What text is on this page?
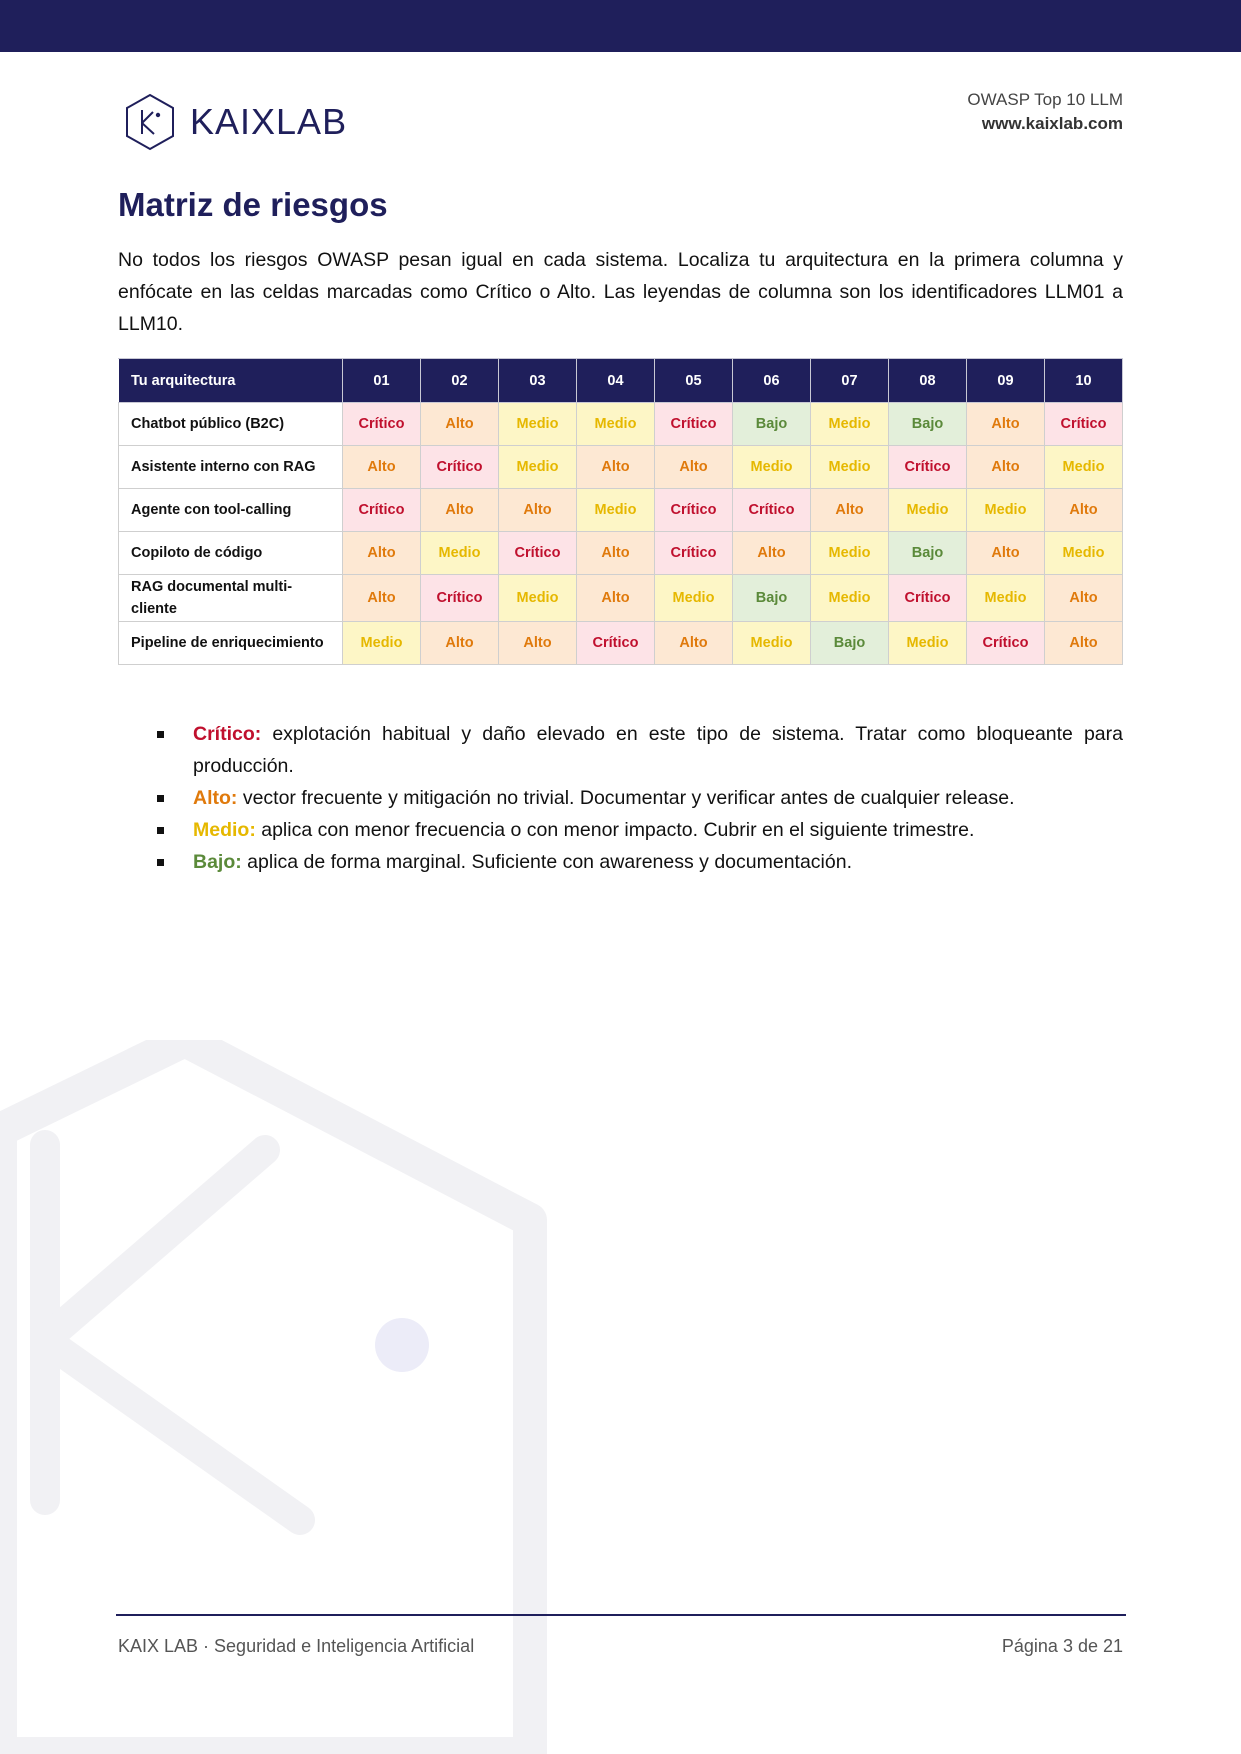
KAIXLAB
OWASP Top 10 LLM
www.kaixlab.com
Matriz de riesgos

No todos los riesgos OWASP pesan igual en cada sistema. Localiza tu arquitectura en la primera columna y enfócate en las celdas marcadas como Crítico o Alto. Las leyendas de columna son los identificadores LLM01 a LLM10.

Tu arquitectura	01	02	03	04	05	06	07	08	09	10
Chatbot público (B2C)	Crítico	Alto	Medio	Medio	Crítico	Bajo	Medio	Bajo	Alto	Crítico
Asistente interno con RAG	Alto	Crítico	Medio	Alto	Alto	Medio	Medio	Crítico	Alto	Medio
Agente con tool-calling	Crítico	Alto	Alto	Medio	Crítico	Crítico	Alto	Medio	Medio	Alto
Copiloto de código	Alto	Medio	Crítico	Alto	Crítico	Alto	Medio	Bajo	Alto	Medio
RAG documental multi-cliente	Alto	Crítico	Medio	Alto	Medio	Bajo	Medio	Crítico	Medio	Alto
Pipeline de enriquecimiento	Medio	Alto	Alto	Crítico	Alto	Medio	Bajo	Medio	Crítico	Alto
Crítico: explotación habitual y daño elevado en este tipo de sistema. Tratar como bloqueante para producción.
Alto: vector frecuente y mitigación no trivial. Documentar y verificar antes de cualquier release.
Medio: aplica con menor frecuencia o con menor impacto. Cubrir en el siguiente trimestre.
Bajo: aplica de forma marginal. Suficiente con awareness y documentación.
KAIX LAB · Seguridad e Inteligencia Artificial	Página 3 de 21
